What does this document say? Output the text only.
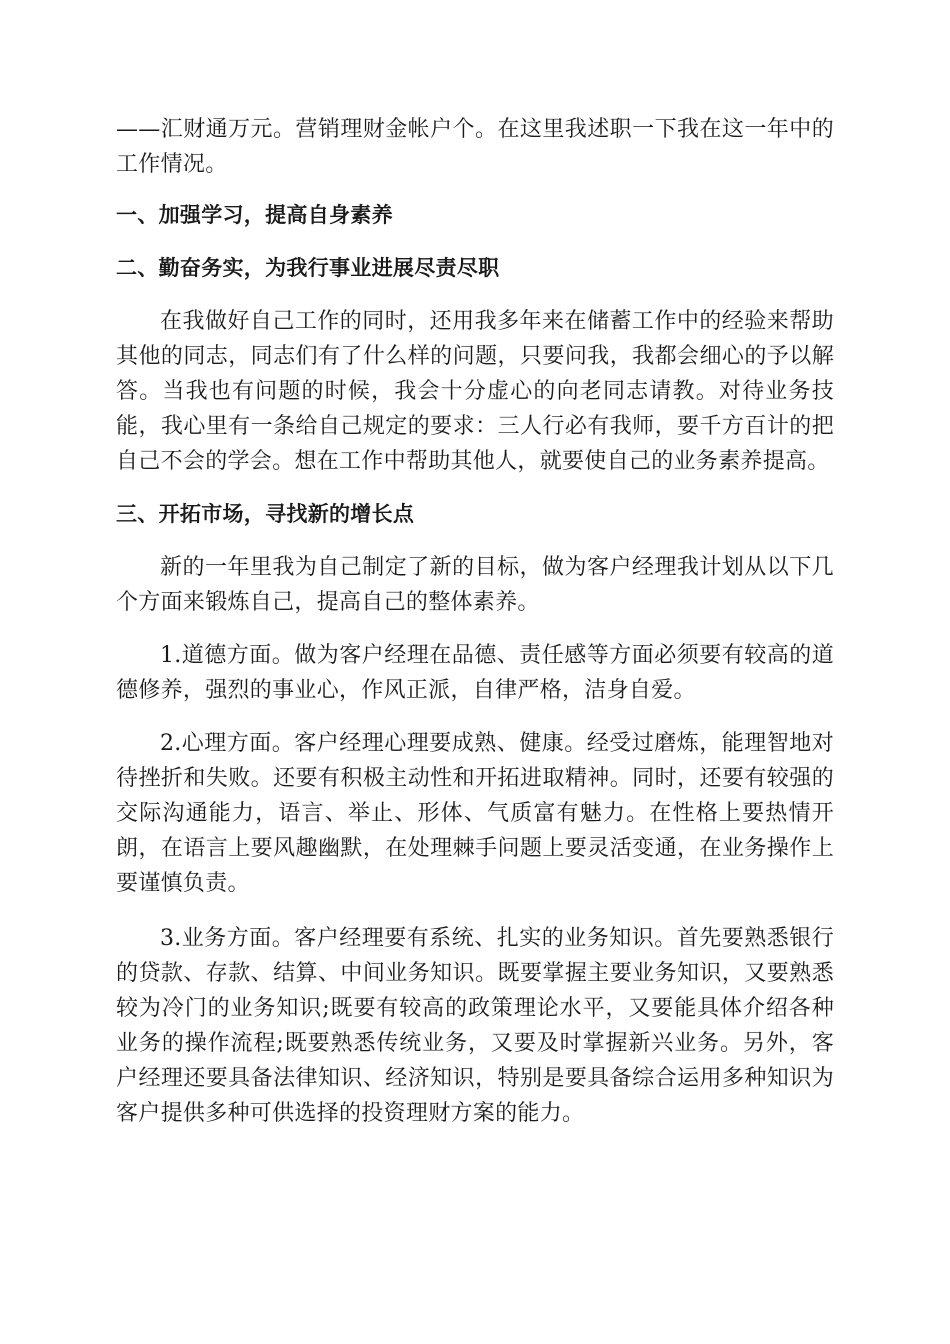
——汇财通万元。营销理财金帐户个。在这里我述职一下我在这一年中的工作情况。

一、加强学习，提高自身素养

二、勤奋务实，为我行事业进展尽责尽职

在我做好自己工作的同时，还用我多年来在储蓄工作中的经验来帮助其他的同志，同志们有了什么样的问题，只要问我，我都会细心的予以解答。当我也有问题的时候，我会十分虚心的向老同志请教。对待业务技能，我心里有一条给自己规定的要求：三人行必有我师，要千方百计的把自己不会的学会。想在工作中帮助其他人，就要使自己的业务素养提高。

三、开拓市场，寻找新的增长点

新的一年里我为自己制定了新的目标，做为客户经理我计划从以下几个方面来锻炼自己，提高自己的整体素养。

1.道德方面。做为客户经理在品德、责任感等方面必须要有较高的道德修养，强烈的事业心，作风正派，自律严格，洁身自爱。

2.心理方面。客户经理心理要成熟、健康。经受过磨炼，能理智地对待挫折和失败。还要有积极主动性和开拓进取精神。同时，还要有较强的交际沟通能力，语言、举止、形体、气质富有魅力。在性格上要热情开朗，在语言上要风趣幽默，在处理棘手问题上要灵活变通，在业务操作上要谨慎负责。

3.业务方面。客户经理要有系统、扎实的业务知识。首先要熟悉银行的贷款、存款、结算、中间业务知识。既要掌握主要业务知识，又要熟悉较为冷门的业务知识;既要有较高的政策理论水平，又要能具体介绍各种业务的操作流程;既要熟悉传统业务，又要及时掌握新兴业务。另外，客户经理还要具备法律知识、经济知识，特别是要具备综合运用多种知识为客户提供多种可供选择的投资理财方案的能力。
